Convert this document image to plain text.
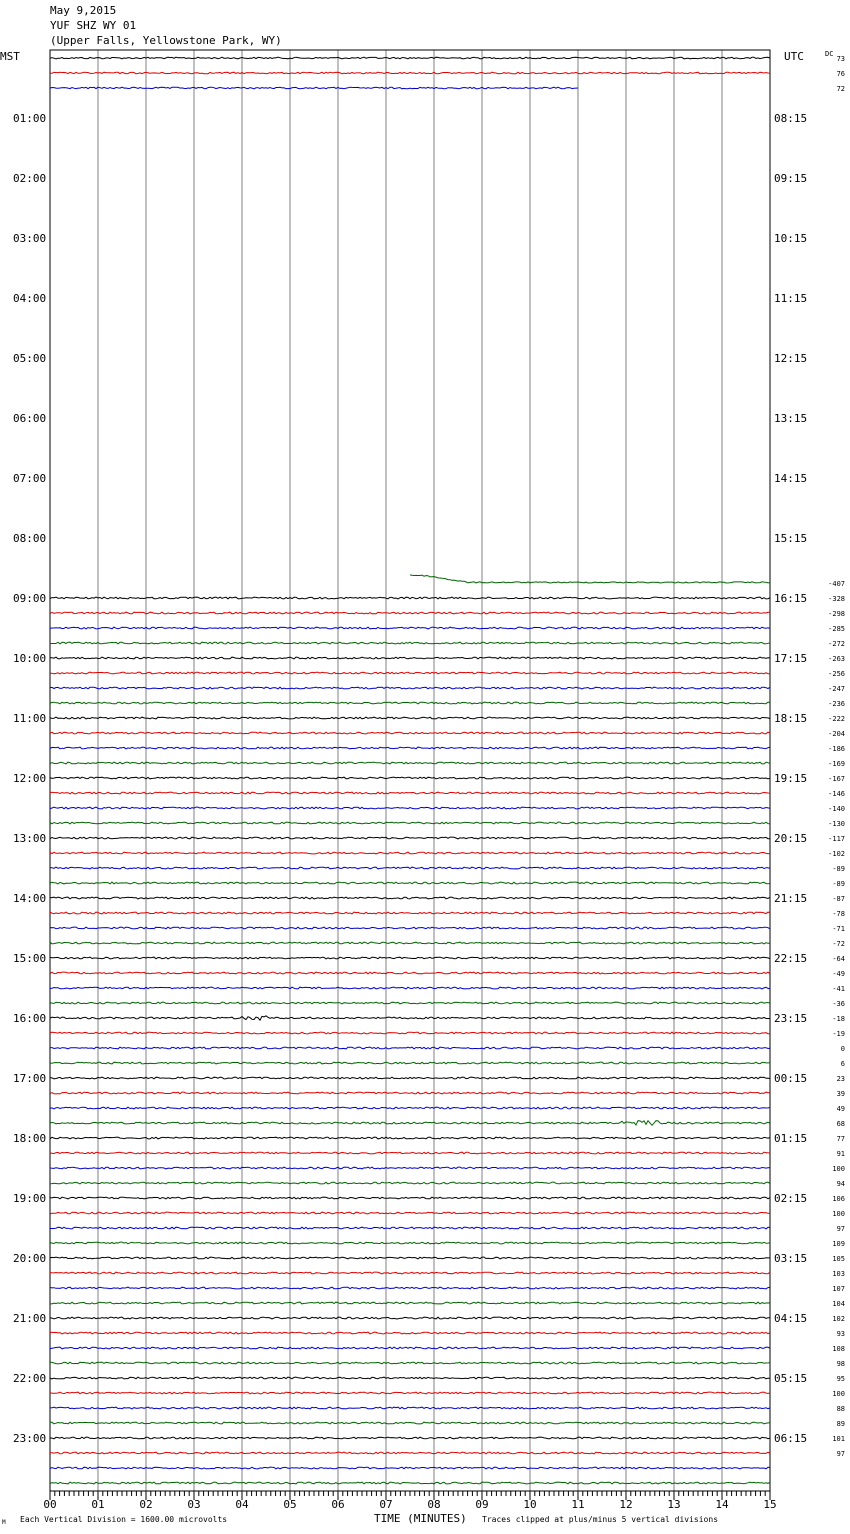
May 9,2015
YUF SHZ WY 01
(Upper Falls, Yellowstone Park, WY)
01:00
02:00
03:00
04:00
05:00
06:00
07:00
08:00
09:00
10:00
11:00
12:00
13:00
14:00
15:00
16:00
17:00
18:00
19:00
20:00
21:00
22:00
23:00
08:15
09:15
10:15
11:15
12:15
13:15
14:15
15:15
16:15
17:15
18:15
19:15
20:15
21:15
22:15
23:15
00:15
01:15
02:15
03:15
04:15
05:15
06:15
MST	UTC	DC
73
76
72
-407
-328
-298
-285
-272
-263
-256
-247
-236
-222
-204
-186
-169
-167
-146
-140
-130
-117
-102
-89
-89
-87
-78
-71
-72
-64
-49
-41
-36
-18
-19
0
6
23
39
49
68
77
91
100
94
106
100
97
109
105
103
107
104
102
93
108
98
95
100
88
89
101
97
00	01	02	03	04	05	06	07	08	09	10	11	12	13	14	15
Each Vertical Division = 1600.00 microvolts	TIME (MINUTES) Traces clipped at plus/minus 5 vertical divisions
M
